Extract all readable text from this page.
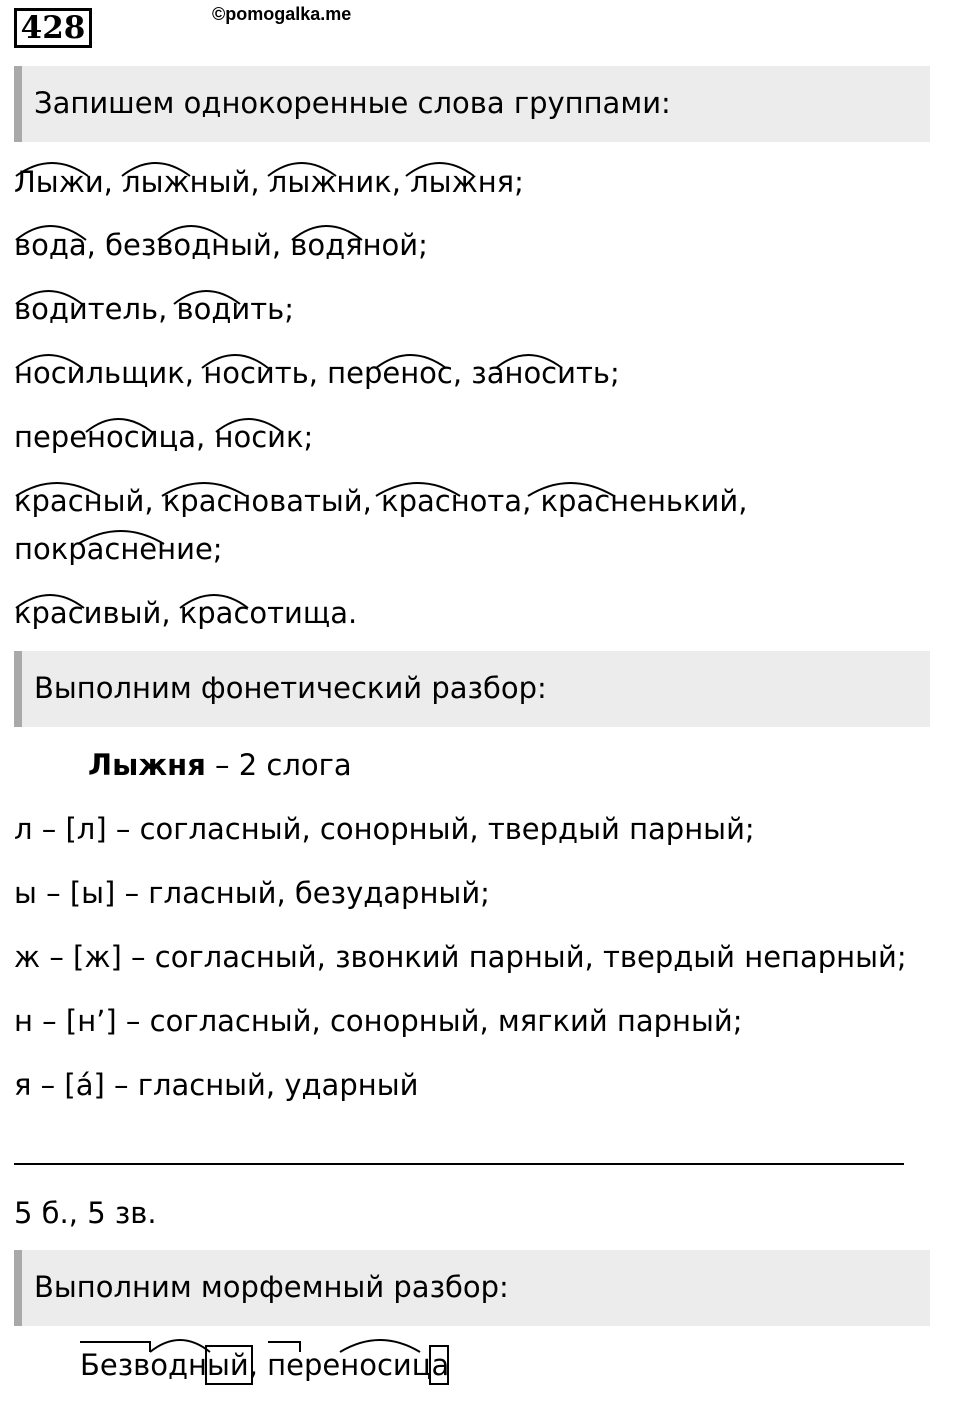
428	©pomogalka.me
Запишем однокоренные слова группами:
Лыжи, лыжный, лыжник, лыжня;
вода, безводный, водяной;
водитель, водить;
носильщик, носить, перенос, заносить;
переносица, носик;
красный, красноватый, краснота, красненький,
покраснение;
красивый, красотища.
Выполним фонетический разбор:
Лыжня – 2 слога
л – [л] – согласный, сонорный, твердый парный;
ы – [ы] – гласный, безударный;
ж – [ж] – согласный, звонкий парный, твердый непарный;
н – [н’] – согласный, сонорный, мягкий парный;
я – [á] – гласный, ударный
5 б., 5 зв.
Выполним морфемный разбор:
Безводный, переносица
